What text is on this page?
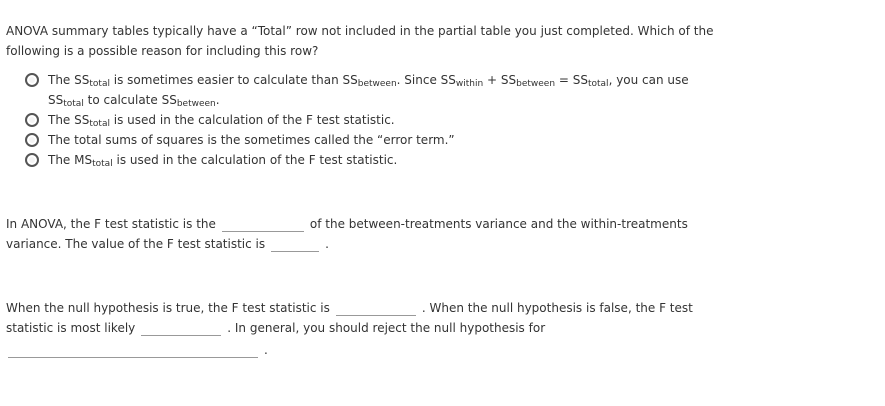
ANOVA summary tables typically have a “Total” row not included in the partial table you just completed. Which of the
following is a possible reason for including this row?
The $SS_{total}$ is sometimes easier to calculate than $SS_{between}$. Since $SS_{within} + SS_{between} = SS_{total}$, you can use
$SS_{total}$ to calculate $SS_{between}$.
The $SS_{total}$ is used in the calculation of the F test statistic.
The total sums of squares is the sometimes called the “error term.”
The $MS_{total}$ is used in the calculation of the F test statistic.
In ANOVA, the F test statistic is the	of the between-treatments variance and the within-treatments
variance. The value of the F test statistic is	.
When the null hypothesis is true, the F test statistic is	. When the null hypothesis is false, the F test
statistic is most likely	. In general, you should reject the null hypothesis for
.
